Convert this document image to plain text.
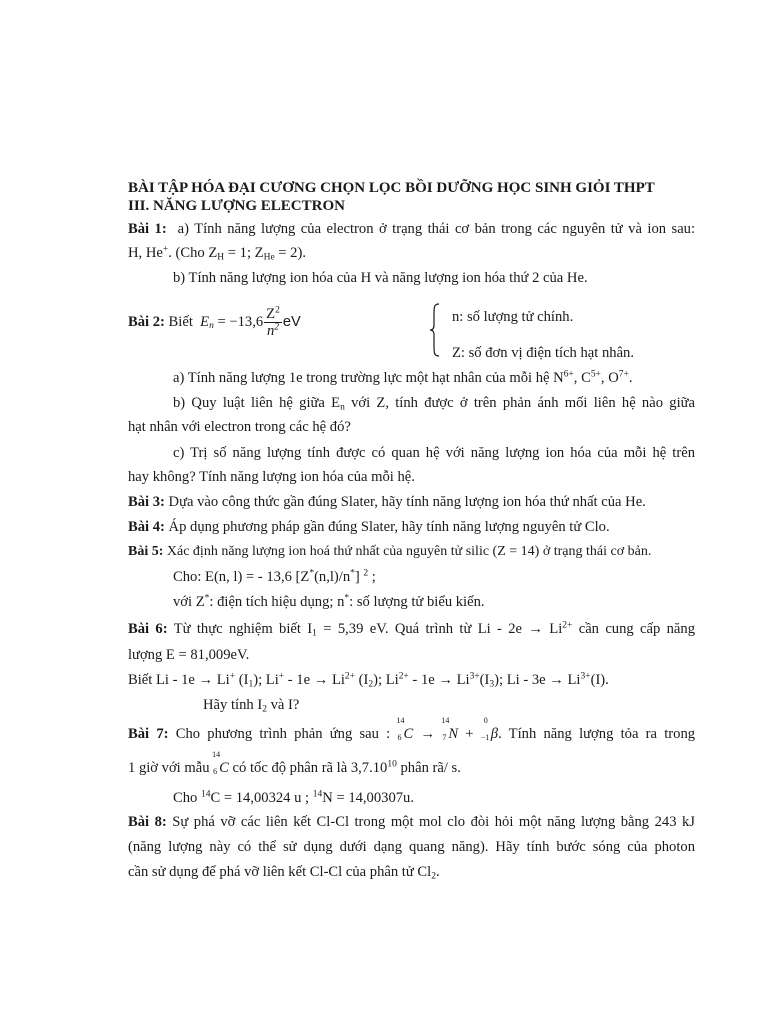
BÀI TẬP HÓA ĐẠI CƯƠNG CHỌN LỌC BỒI DƯỠNG HỌC SINH GIỎI THPT
III. NĂNG LƯỢNG ELECTRON
Bài 1: a) Tính năng lượng của electron ở trạng thái cơ bản trong các nguyên tử và ion sau:
H, He+. (Cho $Z_H = 1$; $Z_{He} = 2$).
b) Tính năng lượng ion hóa của H và năng lượng ion hóa thứ 2 của He.
Bài 2: Biết $E_n = -13,6 \frac{Z^2}{n^2}$ eV	n: số lượng tử chính.
Z: số đơn vị điện tích hạt nhân.
a) Tính năng lượng 1e trong trường lực một hạt nhân của mỗi hệ $N^{6+}$, $C^{5+}$, $O^{7+}$.
b) Quy luật liên hệ giữa $E_n$ với Z, tính được ở trên phản ánh mối liên hệ nào giữa
hạt nhân với electron trong các hệ đó?
c) Trị số năng lượng tính được có quan hệ với năng lượng ion hóa của mỗi hệ trên
hay không? Tính năng lượng ion hóa của mỗi hệ.
Bài 3: Dựa vào công thức gần đúng Slater, hãy tính năng lượng ion hóa thứ nhất của He.
Bài 4: Áp dụng phương pháp gần đúng Slater, hãy tính năng lượng nguyên tử Clo.
Bài 5: Xác định năng lượng ion hoá thứ nhất của nguyên tử silic (Z = 14) ở trạng thái cơ bản.
Cho: E(n, l) = - 13,6 [Z*(n,l)/n*] $^2$ ;
với Z*: điện tích hiệu dụng; n*: số lượng tử biểu kiến.
Bài 6: Từ thực nghiệm biết $I_1 = 5,39$ eV. Quá trình từ $Li - 2e \to Li^{2+}$ cần cung cấp năng
lượng E = 81,009eV.
Biết Li - 1e → Li+ $(I_1)$; $Li^+ - 1e \to Li^{2+}$ $(I_2)$; $Li^{2+} - 1e \to Li^{3+}(I_3)$; $Li - 3e \to Li^{3+}(I)$.
Hãy tính $I_2$ và I?
Bài 7: Cho phương trình phản ứng sau :
14
6 C →
14
7 N +
0
−1 β. Tính năng lượng tỏa ra trong
1 giờ với mẫu
14
6 C có tốc độ phân rã là 3,7.10$^{10}$ phân rã/ s.
Cho $^{14}$C = 14,00324 u ; $^{14}$N = 14,00307u.
Bài 8: Sự phá vỡ các liên kết Cl-Cl trong một mol clo đòi hỏi một năng lượng bằng 243 kJ
(năng lượng này có thể sử dụng dưới dạng quang năng). Hãy tính bước sóng của photon
cần sử dụng để phá vỡ liên kết Cl-Cl của phân tử $Cl_2$.
